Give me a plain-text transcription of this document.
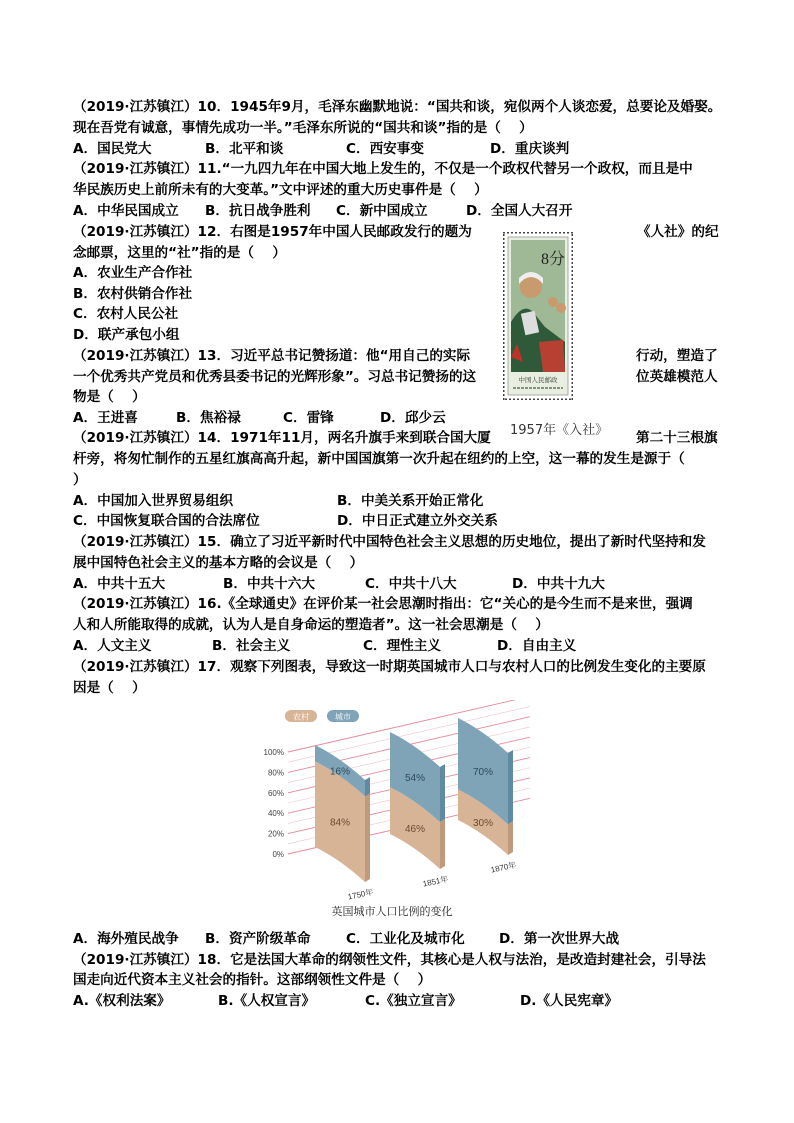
（2019·江苏镇江）10．1945年9月，毛泽东幽默地说：“国共和谈，宛似两个人谈恋爱，总要论及婚娶。
现在吾党有诚意，事情先成功一半。”毛泽东所说的“国共和谈”指的是（　 ）
A．国民党大	B．北平和谈	C．西安事变	D．重庆谈判
（2019·江苏镇江）11.“一九四九年在中国大地上发生的，不仅是一个政权代替另一个政权，而且是中
华民族历史上前所未有的大变革。”文中评述的重大历史事件是（　 ）
A．中华民国成立 B．抗日战争胜利 C．新中国成立	D．全国人大召开
（2019·江苏镇江）12．右图是1957年中国人民邮政发行的题为	《人社》的纪
念邮票，这里的“社”指的是（　 ）
A．农业生产合作社
B．农村供销合作社
C．农村人民公社
D．联产承包小组
（2019·江苏镇江）13．习近平总书记赞扬道：他“用自己的实际	行动，塑造了
一个优秀共产党员和优秀县委书记的光辉形象”。习总书记赞扬的这	位英雄模范人
物是（　 ）
A．王进喜	B．焦裕禄	C．雷锋	D．邱少云
8分
中国人民邮政
1957年《入社》
（2019·江苏镇江）14．1971年11月，两名升旗手来到联合国大厦	第二十三根旗
杆旁，将匆忙制作的五星红旗高高升起，新中国国旗第一次升起在纽约的上空，这一幕的发生是源于（
）
A．中国加入世界贸易组织	B．中美关系开始正常化
C．中国恢复联合国的合法席位	D．中日正式建立外交关系
（2019·江苏镇江）15．确立了习近平新时代中国特色社会主义思想的历史地位，提出了新时代坚持和发
展中国特色社会主义的基本方略的会议是（　 ）
A．中共十五大	B．中共十六大	C．中共十八大	D．中共十九大
（2019·江苏镇江）16.《全球通史》在评价某一社会思潮时指出：它“关心的是今生而不是来世，强调
人和人所能取得的成就，认为人是自身命运的塑造者”。这一社会思潮是（　 ）
A．人文主义	B．社会主义	C．理性主义	D．自由主义
（2019·江苏镇江）17．观察下列图表，导致这一时期英国城市人口与农村人口的比例发生变化的主要原
因是（　 ）
16%
84%
1750年
54%
46%
1851年
70%
30%
1870年
农村	城市
0%
20%
40%
60%
80%
100%
英国城市人口比例的变化
A．海外殖民战争 B．资产阶级革命	C．工业化及城市化	D．第一次世界大战
（2019·江苏镇江）18．它是法国大革命的纲领性文件，其核心是人权与法治，是改造封建社会，引导法
国走向近代资本主义社会的指针。这部纲领性文件是（　 ）
A.《权利法案》	B.《人权宣言》	C.《独立宣言》	D.《人民宪章》
